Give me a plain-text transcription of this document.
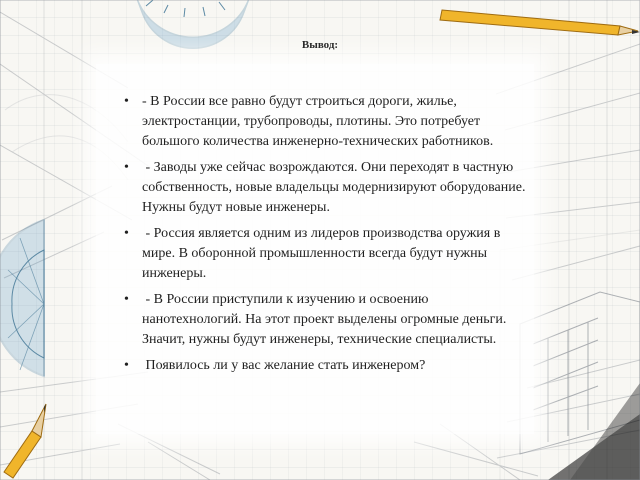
Вывод:
• - В России все равно будут строиться дороги, жилье, электростанции, трубопроводы, плотины. Это потребует большого количества инженерно-технических работников.
• - Заводы уже сейчас возрождаются. Они переходят в частную собственность, новые владельцы модернизируют оборудование. Нужны будут новые инженеры.
• - Россия является одним из лидеров производства оружия в мире. В оборонной промышленности всегда будут нужны инженеры.
• - В России приступили к изучению и освоению нанотехнологий. На этот проект выделены огромные деньги. Значит, нужны будут инженеры, технические специалисты.
• Появилось ли у вас желание стать инженером?
